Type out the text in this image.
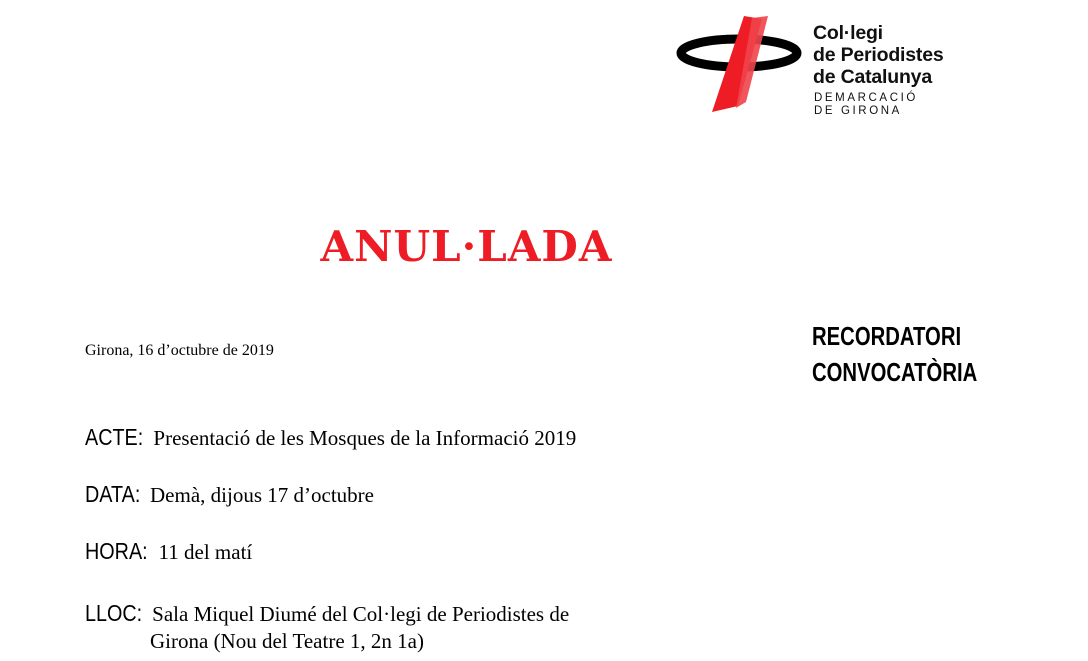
Col·legi
de Periodistes
de Catalunya
DEMARCACIÓ
DE GIRONA
ANUL·LADA
Girona, 16 d’octubre de 2019	RECORDATORI
CONVOCATÒRIA
ACTE: Presentació de les Mosques de la Informació 2019
DATA: Demà, dijous 17 d’octubre
HORA: 11 del matí
LLOC: Sala Miquel Diumé del Col·legi de Periodistes de
Girona (Nou del Teatre 1, 2n 1a)
